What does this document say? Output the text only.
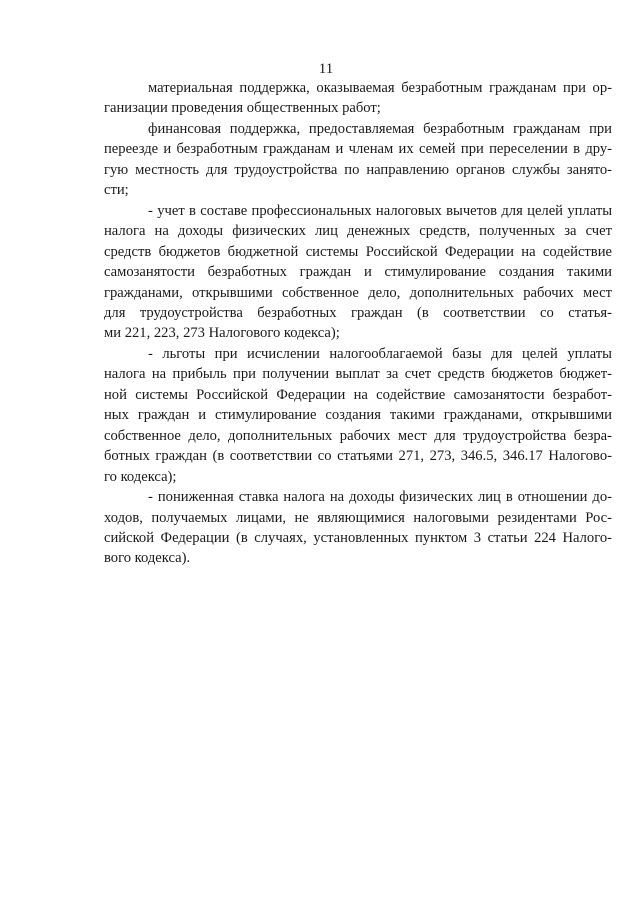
11
материальная поддержка, оказываемая безработным гражданам при ор-
ганизации проведения общественных работ;
финансовая поддержка, предоставляемая безработным гражданам при
переезде и безработным гражданам и членам их семей при переселении в дру-
гую местность для трудоустройства по направлению органов службы занято-
сти;
- учет в составе профессиональных налоговых вычетов для целей уплаты
налога на доходы физических лиц денежных средств, полученных за счет
средств бюджетов бюджетной системы Российской Федерации на содействие
самозанятости безработных граждан и стимулирование создания такими
гражданами, открывшими собственное дело, дополнительных рабочих мест
для трудоустройства безработных граждан (в соответствии со статья-
ми 221, 223, 273 Налогового кодекса);
- льготы при исчислении налогооблагаемой базы для целей уплаты
налога на прибыль при получении выплат за счет средств бюджетов бюджет-
ной системы Российской Федерации на содействие самозанятости безработ-
ных граждан и стимулирование создания такими гражданами, открывшими
собственное дело, дополнительных рабочих мест для трудоустройства безра-
ботных граждан (в соответствии со статьями 271, 273, 346.5, 346.17 Налогово-
го кодекса);
- пониженная ставка налога на доходы физических лиц в отношении до-
ходов, получаемых лицами, не являющимися налоговыми резидентами Рос-
сийской Федерации (в случаях, установленных пунктом 3 статьи 224 Налого-
вого кодекса).
